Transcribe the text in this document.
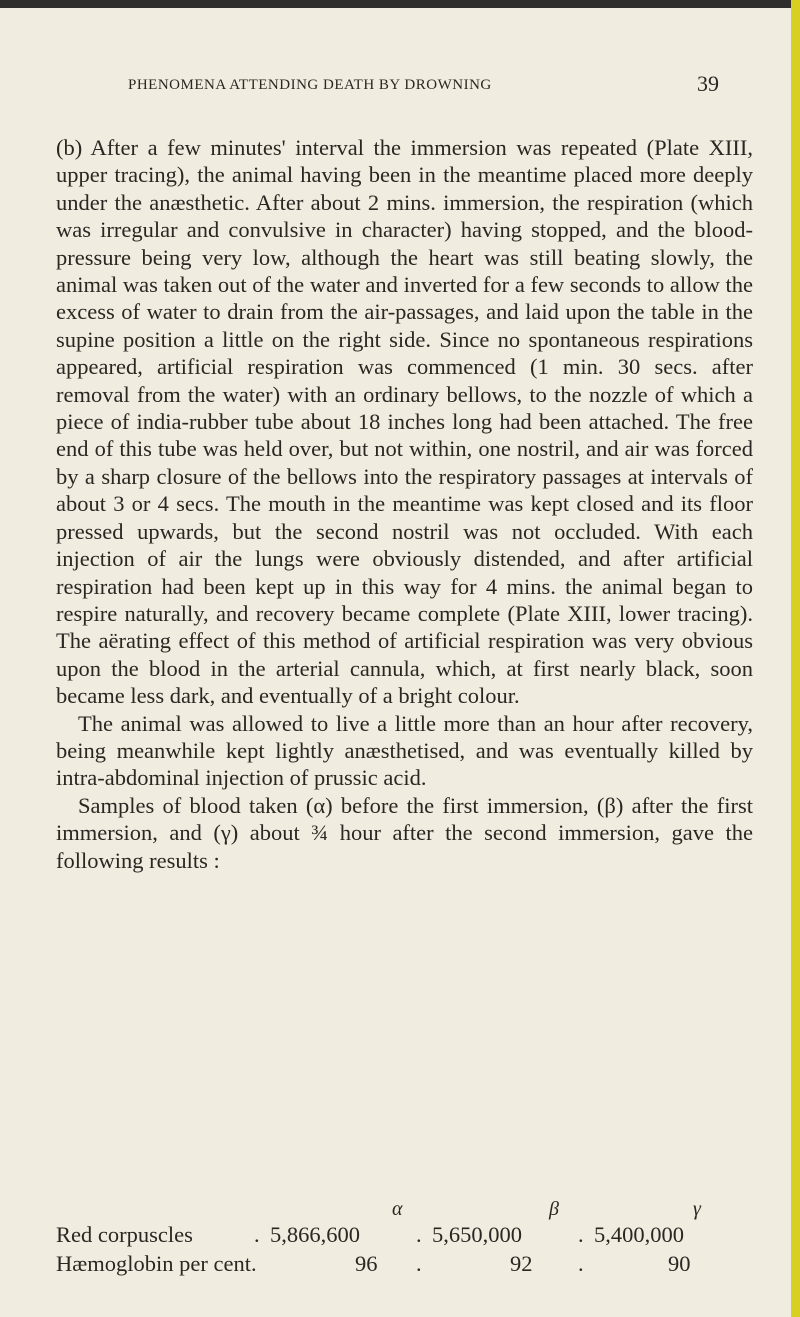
PHENOMENA ATTENDING DEATH BY DROWNING	39

(b) After a few minutes' interval the immersion was repeated (Plate XIII, upper tracing), the animal having been in the meantime placed more deeply under the anæsthetic. After about 2 mins. immersion, the respiration (which was irregular and convulsive in character) having stopped, and the blood-pressure being very low, although the heart was still beating slowly, the animal was taken out of the water and inverted for a few seconds to allow the excess of water to drain from the air-passages, and laid upon the table in the supine position a little on the right side. Since no spontaneous respirations appeared, artificial respiration was commenced (1 min. 30 secs. after removal from the water) with an ordinary bellows, to the nozzle of which a piece of india-rubber tube about 18 inches long had been attached. The free end of this tube was held over, but not within, one nostril, and air was forced by a sharp closure of the bellows into the respiratory passages at intervals of about 3 or 4 secs. The mouth in the meantime was kept closed and its floor pressed upwards, but the second nostril was not occluded. With each injection of air the lungs were obviously distended, and after artificial respiration had been kept up in this way for 4 mins. the animal began to respire naturally, and recovery became complete (Plate XIII, lower tracing). The aërating effect of this method of artificial respiration was very obvious upon the blood in the arterial cannula, which, at first nearly black, soon became less dark, and eventually of a bright colour.

The animal was allowed to live a little more than an hour after recovery, being meanwhile kept lightly anæsthetised, and was eventually killed by intra-abdominal injection of prussic acid.

Samples of blood taken (α) before the first immersion, (β) after the first immersion, and (γ) about ¾ hour after the second immersion, gave the following results :

α	β	γ
Red corpuscles	. 5,866,600 . 5,650,000 . 5,400,000
Hæmoglobin per cent.	96 .	92 .	90
